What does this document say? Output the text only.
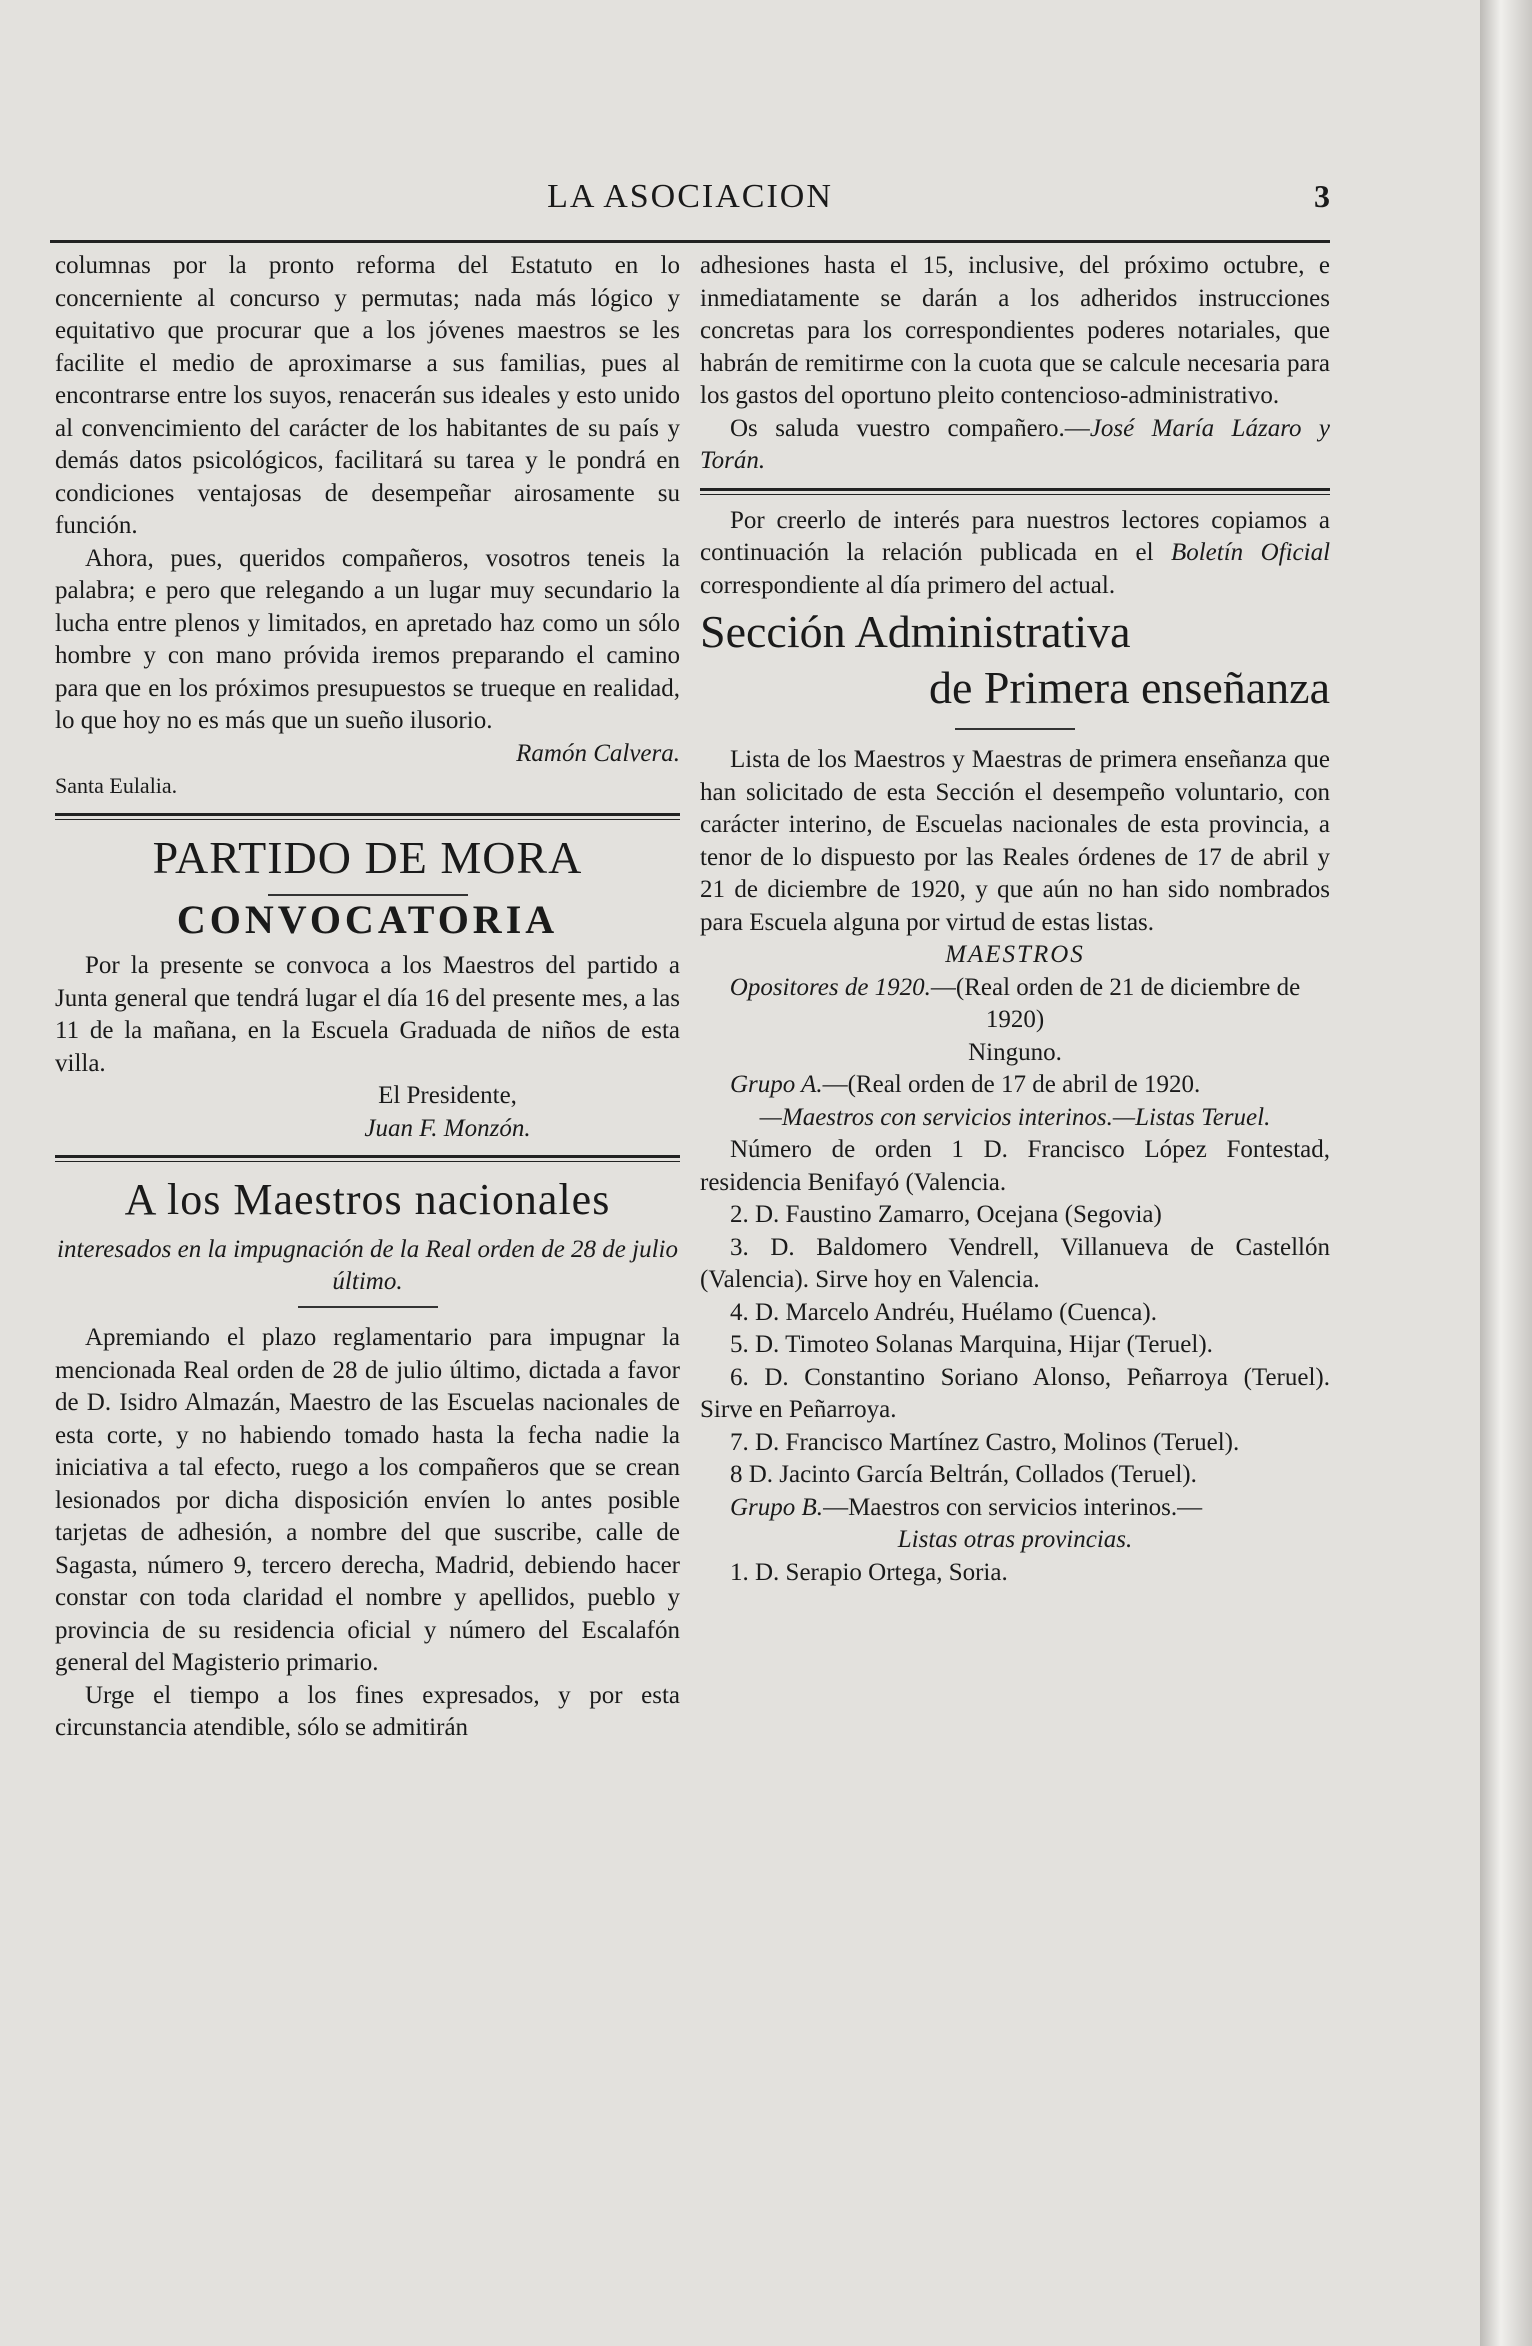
LA ASOCIACION	3

columnas por la pronto reforma del Estatuto en lo concerniente al concurso y permutas; nada más lógico y equitativo que procurar que a los jóvenes maestros se les facilite el medio de aproximarse a sus familias, pues al encontrarse entre los suyos, renacerán sus ideales y esto unido al convencimiento del carácter de los habitantes de su país y demás datos psicológicos, facilitará su tarea y le pondrá en condiciones ventajosas de desempeñar airosamente su función.

Ahora, pues, queridos compañeros, vosotros teneis la palabra; e pero que relegando a un lugar muy secundario la lucha entre plenos y limitados, en apretado haz como un sólo hombre y con mano próvida iremos preparando el camino para que en los próximos presupuestos se trueque en realidad, lo que hoy no es más que un sueño ilusorio.

Ramón Calvera.

Santa Eulalia.

PARTIDO DE MORA
CONVOCATORIA

Por la presente se convoca a los Maestros del partido a Junta general que tendrá lugar el día 16 del presente mes, a las 11 de la mañana, en la Escuela Graduada de niños de esta villa.

El Presidente,

Juan F. Monzón.

A los Maestros nacionales

interesados en la impugnación de la Real orden de 28 de julio último.

Apremiando el plazo reglamentario para impugnar la mencionada Real orden de 28 de julio último, dictada a favor de D. Isidro Almazán, Maestro de las Escuelas nacionales de esta corte, y no habiendo tomado hasta la fecha nadie la iniciativa a tal efecto, ruego a los compañeros que se crean lesionados por dicha disposición envíen lo antes posible tarjetas de adhesión, a nombre del que suscribe, calle de Sagasta, número 9, tercero derecha, Madrid, debiendo hacer constar con toda claridad el nombre y apellidos, pueblo y provincia de su residencia oficial y número del Escalafón general del Magisterio primario.

Urge el tiempo a los fines expresados, y por esta circunstancia atendible, sólo se admitirán

adhesiones hasta el 15, inclusive, del próximo octubre, e inmediatamente se darán a los adheridos instrucciones concretas para los correspondientes poderes notariales, que habrán de remitirme con la cuota que se calcule necesaria para los gastos del oportuno pleito contencioso-administrativo.

Os saluda vuestro compañero.—José María Lázaro y Torán.

Por creerlo de interés para nuestros lectores copiamos a continuación la relación publicada en el Boletín Oficial correspondiente al día primero del actual.

Sección Administrativa
de Primera enseñanza

Lista de los Maestros y Maestras de primera enseñanza que han solicitado de esta Sección el desempeño voluntario, con carácter interino, de Escuelas nacionales de esta provincia, a tenor de lo dispuesto por las Reales órdenes de 17 de abril y 21 de diciembre de 1920, y que aún no han sido nombrados para Escuela alguna por virtud de estas listas.

MAESTROS

Opositores de 1920.—(Real orden de 21 de diciembre de 1920)

Ninguno.

Grupo A.—(Real orden de 17 de abril de 1920.

—Maestros con servicios interinos.—Listas Teruel.

Número de orden 1 D. Francisco López Fontestad, residencia Benifayó (Valencia.

2. D. Faustino Zamarro, Ocejana (Segovia)

3. D. Baldomero Vendrell, Villanueva de Castellón (Valencia). Sirve hoy en Valencia.

4. D. Marcelo Andréu, Huélamo (Cuenca).

5. D. Timoteo Solanas Marquina, Hijar (Teruel).

6. D. Constantino Soriano Alonso, Peñarroya (Teruel). Sirve en Peñarroya.

7. D. Francisco Martínez Castro, Molinos (Teruel).

8 D. Jacinto García Beltrán, Collados (Teruel).

Grupo B.—Maestros con servicios interinos.—

Listas otras provincias.

1. D. Serapio Ortega, Soria.
